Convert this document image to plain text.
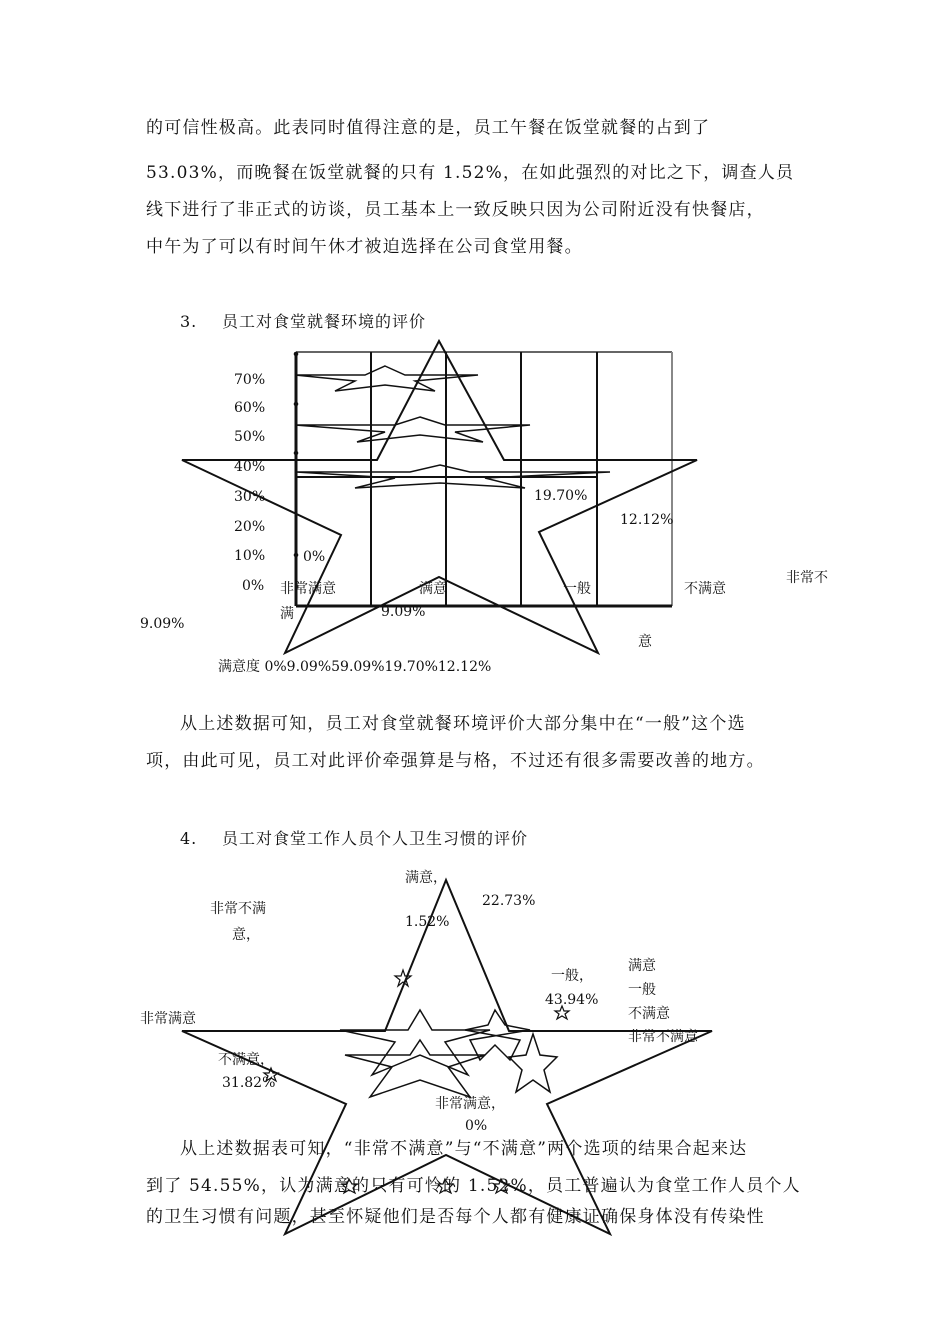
的可信性极高。此表同时值得注意的是，员工午餐在饭堂就餐的占到了

53.03%，而晚餐在饭堂就餐的只有 1.52%，在如此强烈的对比之下，调查人员

线下进行了非正式的访谈，员工基本上一致反映只因为公司附近没有快餐店，

中午为了可以有时间午休才被迫选择在公司食堂用餐。

3. 员工对食堂就餐环境的评价
70%
60%
50%
40%
30%
20%
10%
0%
0%
19.70%
12.12%
非常满意
满
满意
9.09%
一般	不满意
非常不
意
9.09%
满意度 0%9.09%59.09%19.70%12.12%

从上述数据可知，员工对食堂就餐环境评价大部分集中在“一般”这个选

项，由此可见，员工对此评价牵强算是与格，不过还有很多需要改善的地方。

4. 员工对食堂工作人员个人卫生习惯的评价
满意，
1.52%
22.73%
非常不满
意，
一般，
43.94%
非常满意
不满意，
31.82%
非常满意，
0%
满意
一般
不满意
非常不满意

从上述数据表可知，“非常不满意”与“不满意”两个选项的结果合起来达

到了 54.55%，认为满意的只有可怜的 1.52%，员工普遍认为食堂工作人员个人

的卫生习惯有问题，甚至怀疑他们是否每个人都有健康证确保身体没有传染性
